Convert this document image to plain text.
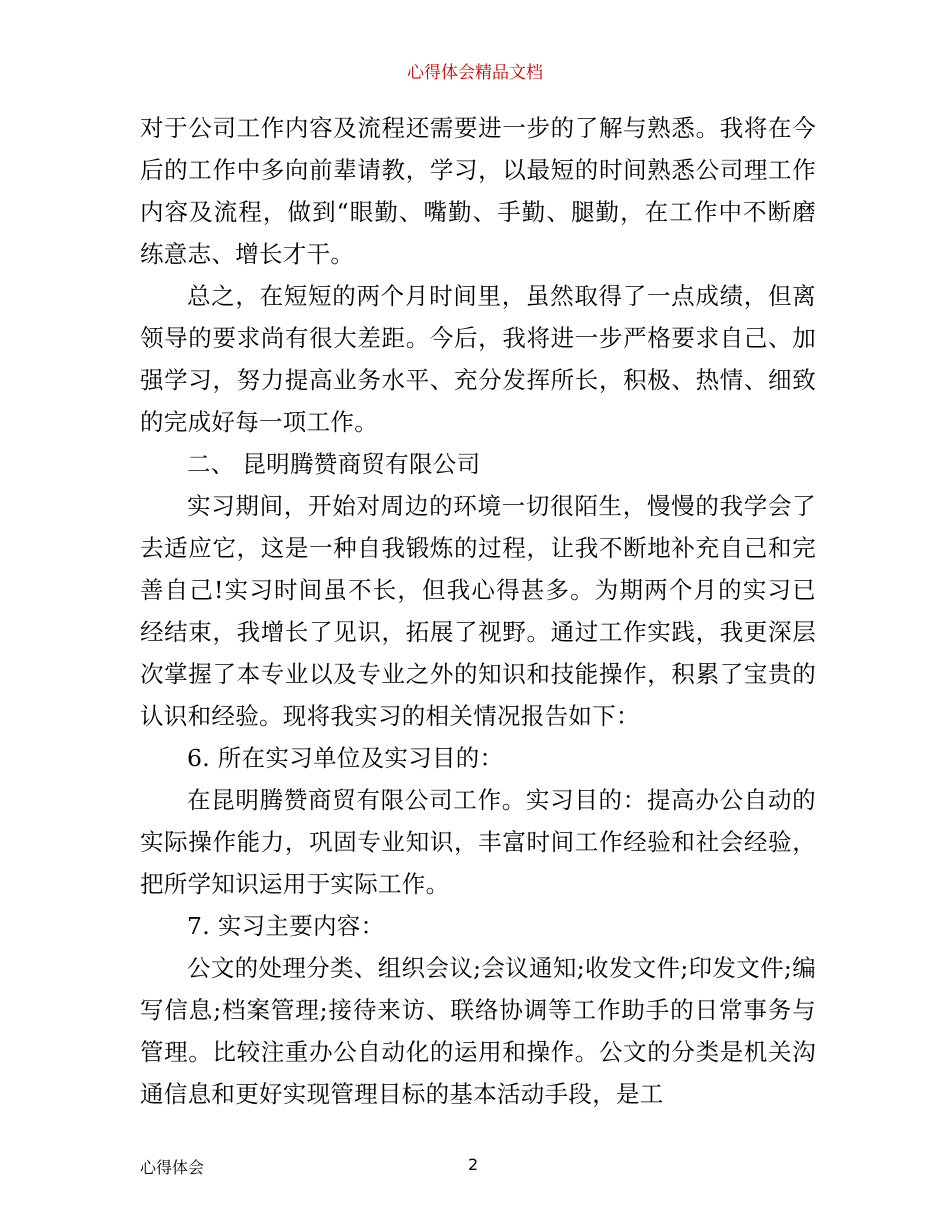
心得体会精品文档

对于公司工作内容及流程还需要进一步的了解与熟悉。我将在今后的工作中多向前辈请教，学习，以最短的时间熟悉公司理工作内容及流程，做到“眼勤、嘴勤、手勤、腿勤，在工作中不断磨练意志、增长才干。

总之，在短短的两个月时间里，虽然取得了一点成绩，但离领导的要求尚有很大差距。今后，我将进一步严格要求自己、加强学习，努力提高业务水平、充分发挥所长，积极、热情、细致的完成好每一项工作。

二、 昆明腾赞商贸有限公司

实习期间，开始对周边的环境一切很陌生，慢慢的我学会了去适应它，这是一种自我锻炼的过程，让我不断地补充自己和完善自己!实习时间虽不长，但我心得甚多。为期两个月的实习已经结束，我增长了见识，拓展了视野。通过工作实践，我更深层次掌握了本专业以及专业之外的知识和技能操作，积累了宝贵的认识和经验。现将我实习的相关情况报告如下：

6. 所在实习单位及实习目的：

在昆明腾赞商贸有限公司工作。实习目的：提高办公自动的实际操作能力，巩固专业知识，丰富时间工作经验和社会经验，把所学知识运用于实际工作。

7. 实习主要内容：

公文的处理分类、组织会议;会议通知;收发文件;印发文件;编写信息;档案管理;接待来访、联络协调等工作助手的日常事务与管理。比较注重办公自动化的运用和操作。公文的分类是机关沟通信息和更好实现管理目标的基本活动手段，是工

心得体会	2
